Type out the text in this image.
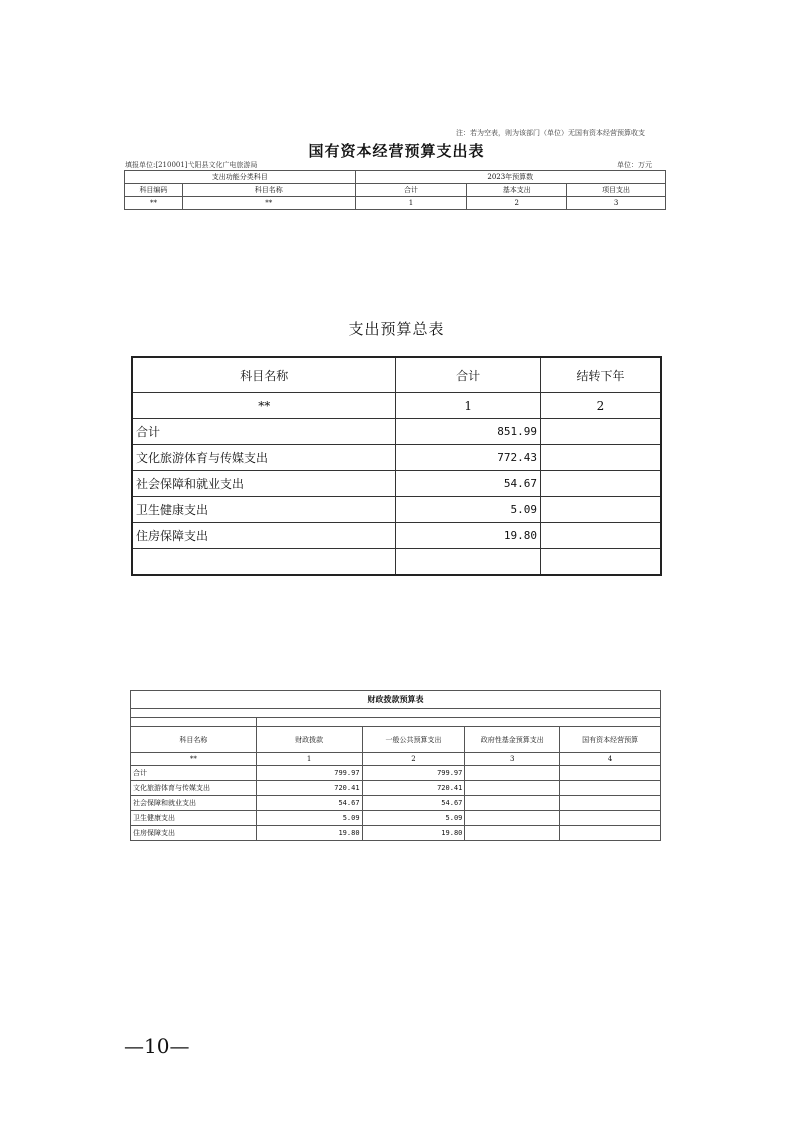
注：若为空表，则为该部门（单位）无国有资本经营预算收支
国有资本经营预算支出表
填报单位:[210001]弋阳县文化广电旅游局	单位：万元
支出功能分类科目		2023年预算数		
科目编码	科目名称	合计	基本支出	项目支出
**	**	1	2	3
支出预算总表
科目名称	合计	结转下年
**	1	2
合计	851.99	
文化旅游体育与传媒支出	772.43	
社会保障和就业支出	54.67	
卫生健康支出	5.09	
住房保障支出	19.80	

财政拨款预算表				

科目名称	财政拨款	一般公共预算支出	政府性基金预算支出	国有资本经营预算
**	1	2	3	4
合计	799.97	799.97		
文化旅游体育与传媒支出	720.41	720.41		
社会保障和就业支出	54.67	54.67		
卫生健康支出	5.09	5.09		
住房保障支出	19.80	19.80		
—10—
